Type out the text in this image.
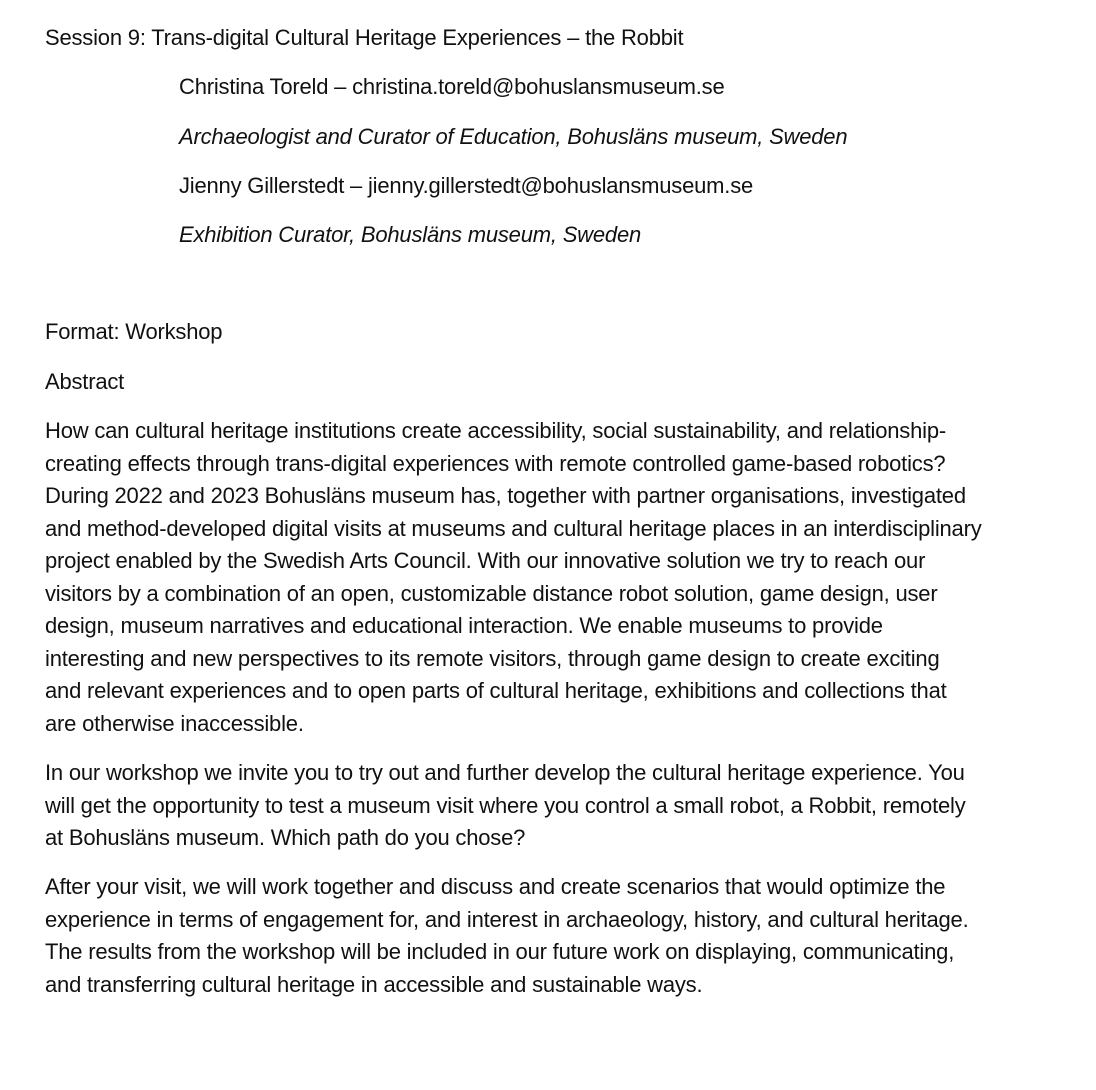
Session 9: Trans-digital Cultural Heritage Experiences – the Robbit
Christina Toreld – christina.toreld@bohuslansmuseum.se
Archaeologist and Curator of Education, Bohusläns museum, Sweden
Jienny Gillerstedt – jienny.gillerstedt@bohuslansmuseum.se
Exhibition Curator, Bohusläns museum, Sweden
Format: Workshop
Abstract
How can cultural heritage institutions create accessibility, social sustainability, and relationship-
creating effects through trans-digital experiences with remote controlled game-based robotics?
During 2022 and 2023 Bohusläns museum has, together with partner organisations, investigated
and method-developed digital visits at museums and cultural heritage places in an interdisciplinary
project enabled by the Swedish Arts Council. With our innovative solution we try to reach our
visitors by a combination of an open, customizable distance robot solution, game design, user
design, museum narratives and educational interaction. We enable museums to provide
interesting and new perspectives to its remote visitors, through game design to create exciting
and relevant experiences and to open parts of cultural heritage, exhibitions and collections that
are otherwise inaccessible.
In our workshop we invite you to try out and further develop the cultural heritage experience. You
will get the opportunity to test a museum visit where you control a small robot, a Robbit, remotely
at Bohusläns museum. Which path do you chose?
After your visit, we will work together and discuss and create scenarios that would optimize the
experience in terms of engagement for, and interest in archaeology, history, and cultural heritage.
The results from the workshop will be included in our future work on displaying, communicating,
and transferring cultural heritage in accessible and sustainable ways.
